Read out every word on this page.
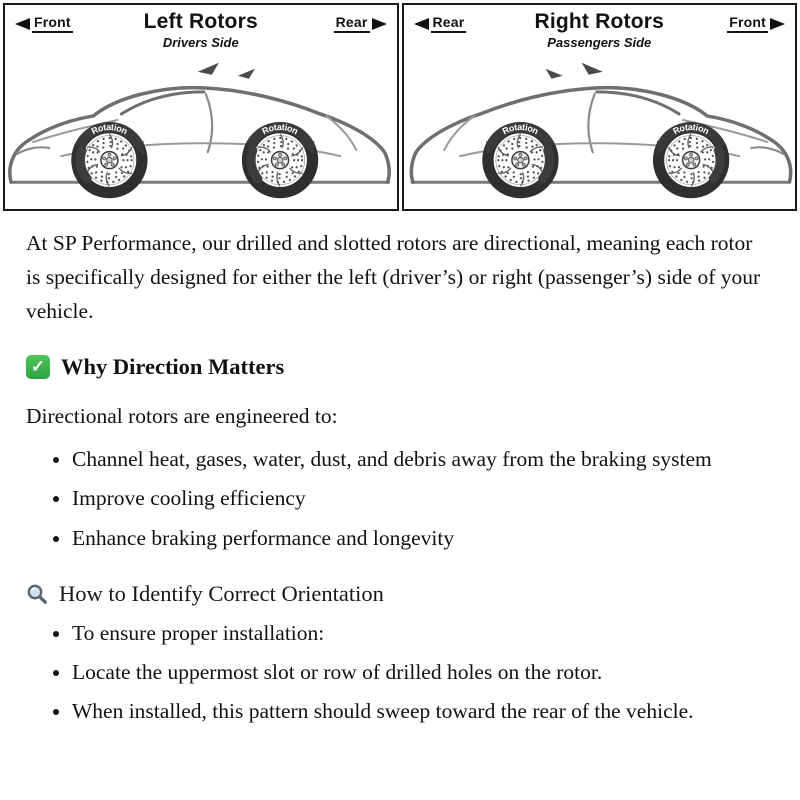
Front	Left Rotors
Drivers Side
Rear
Rotation	Rotation
Rear	Right Rotors
Passengers Side
Front
Rotation	Rotation

At SP Performance, our drilled and slotted rotors are directional, meaning each rotor is specifically designed for either the left (driver’s) or right (passenger’s) side of your vehicle.

✓ Why Direction Matters

Directional rotors are engineered to:

• Channel heat, gases, water, dust, and debris away from the braking system
• Improve cooling efficiency
• Enhance braking performance and longevity
How to Identify Correct Orientation
• To ensure proper installation:
• Locate the uppermost slot or row of drilled holes on the rotor.
• When installed, this pattern should sweep toward the rear of the vehicle.
